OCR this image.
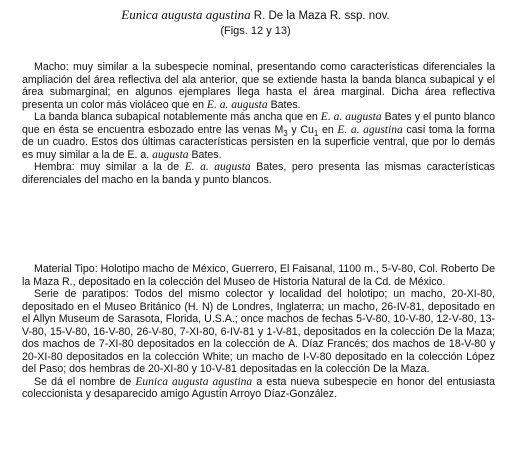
Eunica augusta agustina R. De la Maza R. ssp. nov.
(Figs. 12 y 13)

Macho: muy similar a la subespecie nominal, presentando como características diferenciales la ampliación del área reflectiva del ala anterior, que se extiende hasta la banda blanca subapical y el área submarginal; en algunos ejemplares llega hasta el área marginal. Dicha área reflectiva presenta un color más violáceo que en E. a. augusta Bates.

La banda blanca subapical notablemente más ancha que en E. a. augusta Bates y el punto blanco que en ésta se encuentra esbozado entre las venas $M_3$ y $Cu_1$ en E. a. agustina casi toma la forma de un cuadro. Estos dos últimas características persisten en la superficie ventral, que por lo demás es muy similar a la de E. a. augusta Bates.

Hembra: muy similar a la de E. a. augusta Bates, pero presenta las mismas características diferenciales del macho en la banda y punto blancos.

Material Tipo: Holotipo macho de México, Guerrero, El Faisanal, 1100 m., 5-V-80, Col. Roberto De la Maza R., depositado en la colección del Museo de Historia Natural de la Cd. de México.

Serie de paratipos: Todos del mismo colector y localidad del holotipo; un macho, 20-XI-80, depositado en el Museo Británico (H. N) de Londres, Inglaterra; un macho, 26-IV-81, depositado en el Allyn Museum de Sarasota, Florida, U.S.A.; once machos de fechas 5-V-80, 10-V-80, 12-V-80, 13-V-80, 15-V-80, 16-V-80, 26-V-80, 7-XI-80, 6-IV-81 y 1-V-81, depositados en la colección De la Maza; dos machos de 7-XI-80 depositados en la colección de A. Díaz Francés; dos machos de 18-V-80 y 20-XI-80 depositados en la colección White; un macho de I-V-80 depositado en la colección López del Paso; dos hembras de 20-XI-80 y 10-V-81 depositadas en la colección De la Maza.

Se dá el nombre de Eunica augusta agustina a esta nueva subespecie en honor del entusiasta coleccionista y desaparecido amigo Agustín Arroyo Díaz-González.
